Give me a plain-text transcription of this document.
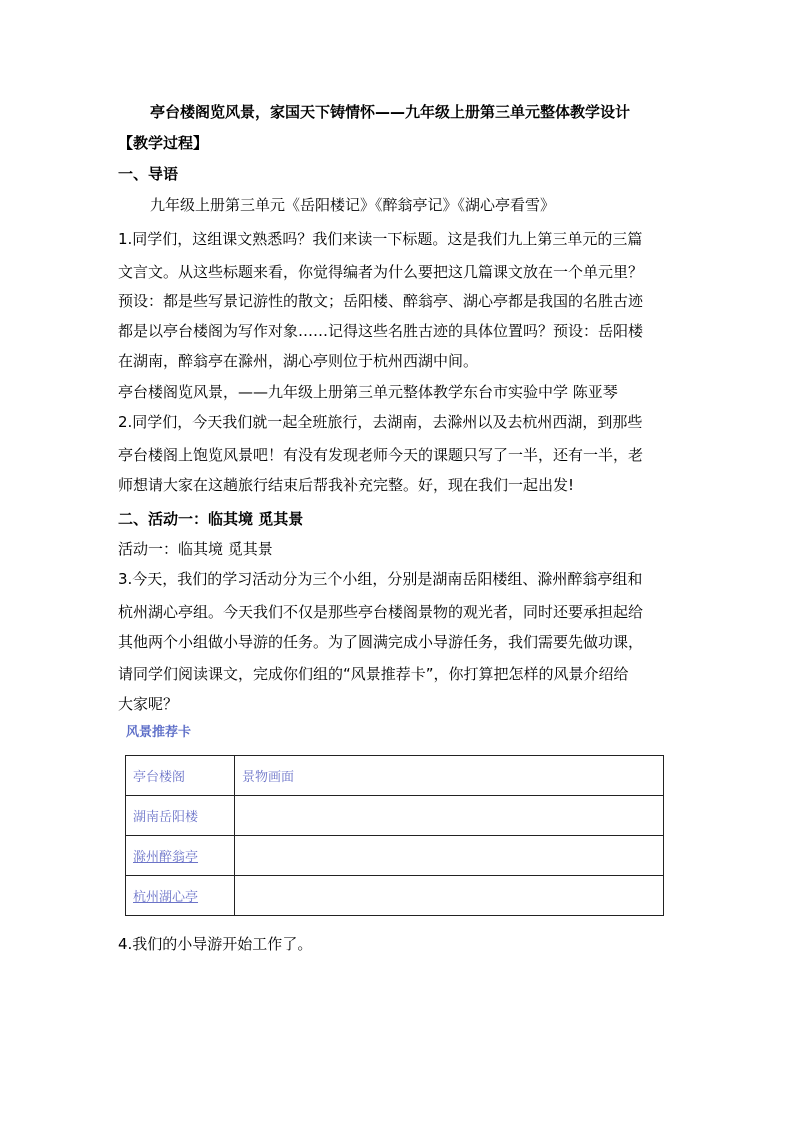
亭台楼阁览风景，家国天下铸情怀——九年级上册第三单元整体教学设计
【教学过程】
一、导语
九年级上册第三单元《岳阳楼记》《醉翁亭记》《湖心亭看雪》
1.同学们，这组课文熟悉吗？我们来读一下标题。这是我们九上第三单元的三篇
文言文。从这些标题来看，你觉得编者为什么要把这几篇课文放在一个单元里？
预设：都是些写景记游性的散文；岳阳楼、醉翁亭、湖心亭都是我国的名胜古迹
都是以亭台楼阁为写作对象……记得这些名胜古迹的具体位置吗？预设：岳阳楼
在湖南，醉翁亭在滁州，湖心亭则位于杭州西湖中间。
亭台楼阁览风景，——九年级上册第三单元整体教学东台市实验中学 陈亚琴
2.同学们，今天我们就一起全班旅行，去湖南，去滁州以及去杭州西湖，到那些
亭台楼阁上饱览风景吧！有没有发现老师今天的课题只写了一半，还有一半，老
师想请大家在这趟旅行结束后帮我补充完整。好，现在我们一起出发!
二、活动一：临其境 觅其景
活动一：临其境 觅其景
3.今天，我们的学习活动分为三个小组，分别是湖南岳阳楼组、滁州醉翁亭组和
杭州湖心亭组。今天我们不仅是那些亭台楼阁景物的观光者，同时还要承担起给
其他两个小组做小导游的任务。为了圆满完成小导游任务，我们需要先做功课，
请同学们阅读课文，完成你们组的“风景推荐卡”，你打算把怎样的风景介绍给
大家呢？
风景推荐卡
亭台楼阁	景物画面
湖南岳阳楼	
滁州醉翁亭	
杭州湖心亭	
4.我们的小导游开始工作了。
